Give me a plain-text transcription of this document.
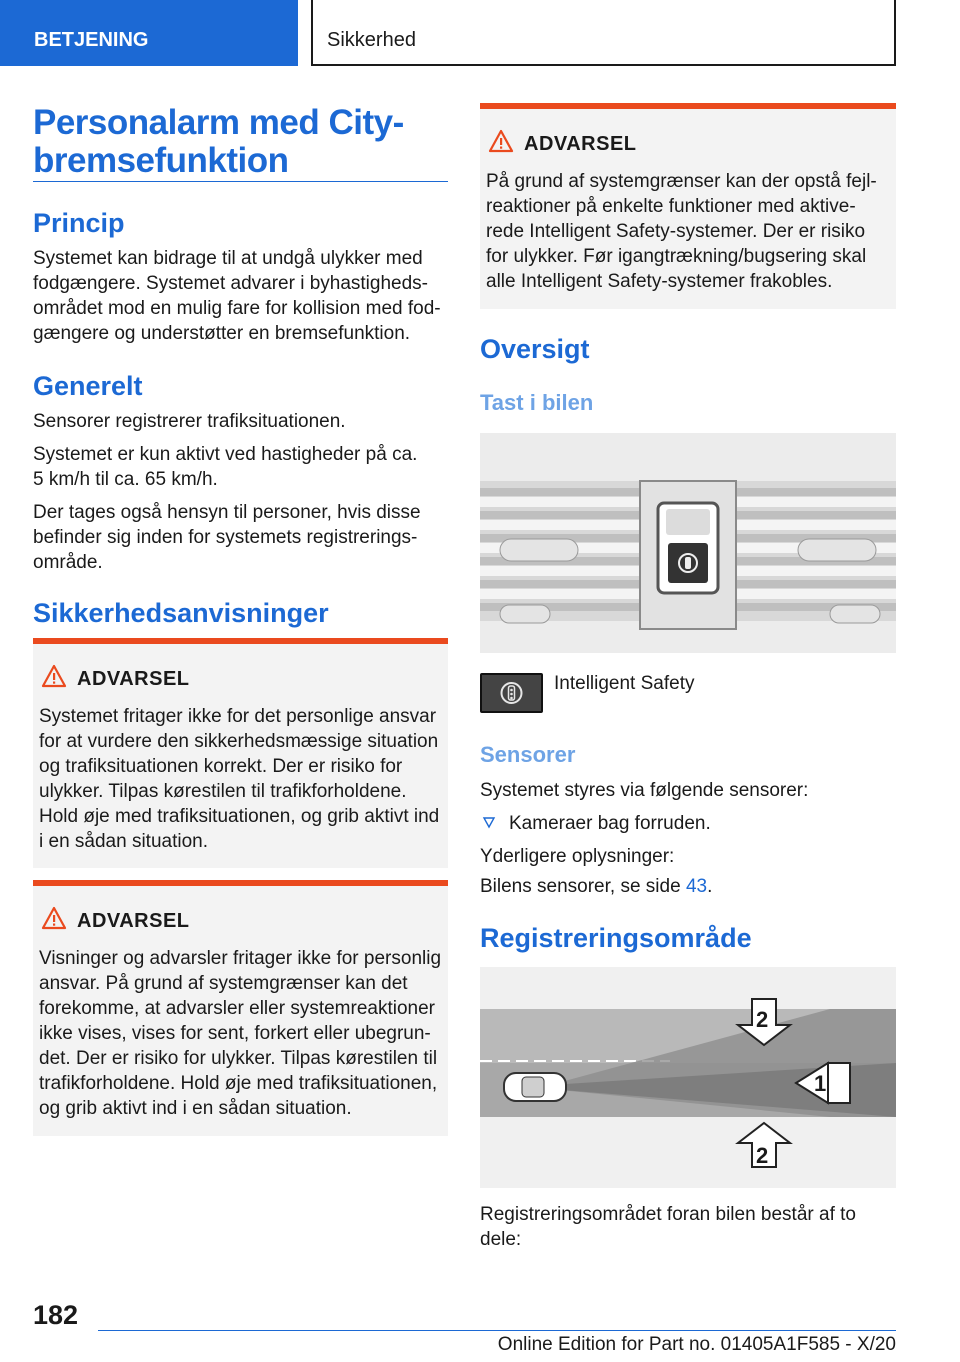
BETJENING	Sikkerhed
Personalarm med City-
bremsefunktion
Princip
Systemet kan bidrage til at undgå ulykker med
fodgængere. Systemet advarer i byhastigheds-
området mod en mulig fare for kollision med fod-
gængere og understøtter en bremsefunktion.
Generelt
Sensorer registrerer trafiksituationen.
Systemet er kun aktivt ved hastigheder på ca.
5 km/h til ca. 65 km/h.
Der tages også hensyn til personer, hvis disse
befinder sig inden for systemets registrerings-
område.
Sikkerhedsanvisninger
ADVARSEL
Systemet fritager ikke for det personlige ansvar
for at vurdere den sikkerhedsmæssige situation
og trafiksituationen korrekt. Der er risiko for
ulykker. Tilpas kørestilen til trafikforholdene.
Hold øje med trafiksituationen, og grib aktivt ind
i en sådan situation.
ADVARSEL
Visninger og advarsler fritager ikke for personlig
ansvar. På grund af systemgrænser kan det
forekomme, at advarsler eller systemreaktioner
ikke vises, vises for sent, forkert eller ubegrun-
det. Der er risiko for ulykker. Tilpas kørestilen til
trafikforholdene. Hold øje med trafiksituationen,
og grib aktivt ind i en sådan situation.
ADVARSEL
På grund af systemgrænser kan der opstå fejl-
reaktioner på enkelte funktioner med aktive-
rede Intelligent Safety-systemer. Der er risiko
for ulykker. Før igangtrækning/bugsering skal
alle Intelligent Safety-systemer frakobles.
Oversigt
Tast i bilen
Intelligent Safety
Sensorer
Systemet styres via følgende sensorer:
Kameraer bag forruden.
Yderligere oplysninger:
Bilens sensorer, se side 43.
Registreringsområde
2
1
2
Registreringsområdet foran bilen består af to
dele:
182
Online Edition for Part no. 01405A1F585 - X/20
